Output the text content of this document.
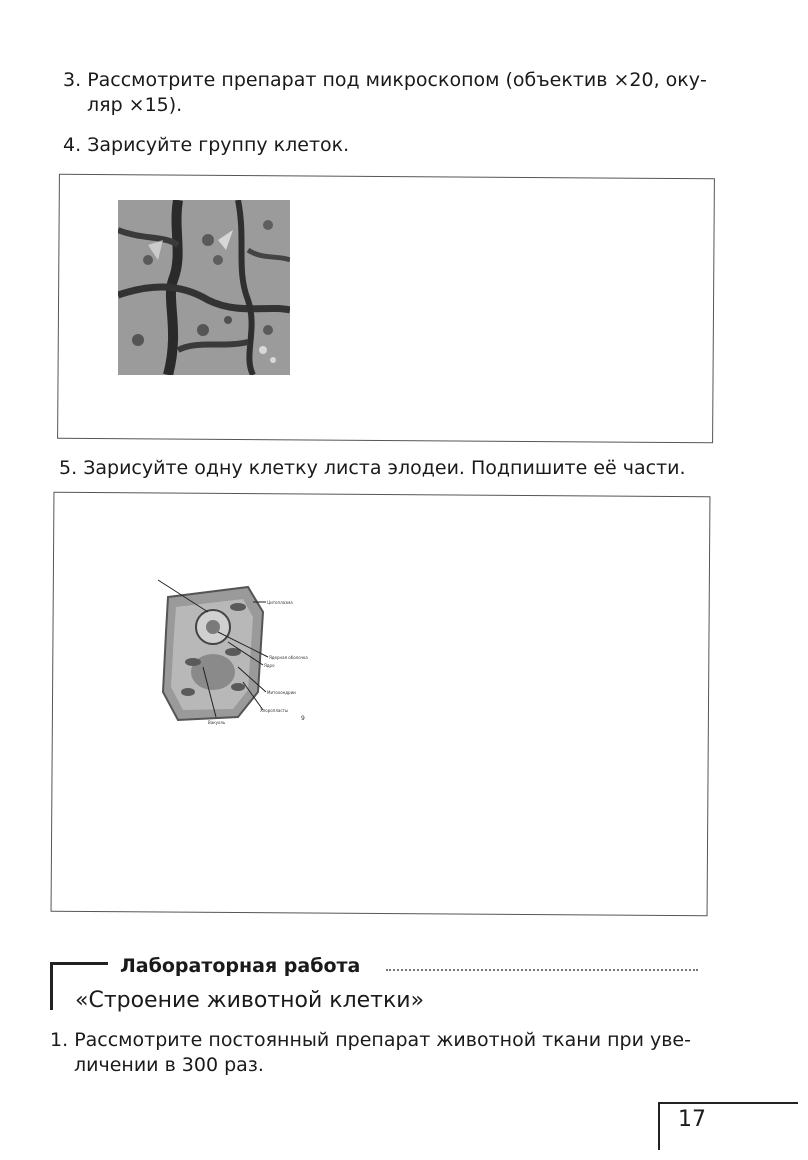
3. Рассмотрите препарат под микроскопом (объектив ×20, оку-
ляр ×15).

4. Зарисуйте группу клеток.

5. Зарисуйте одну клетку листа элодеи. Подпишите её части.

Цитоплазма
Ядерная оболочка
Ядро
Митохондрии
Хлоропласты
Вакуоль
9
Лабораторная работа
«Строение животной клетки»

1. Рассмотрите постоянный препарат животной ткани при уве-
личении в 300 раз.

17
